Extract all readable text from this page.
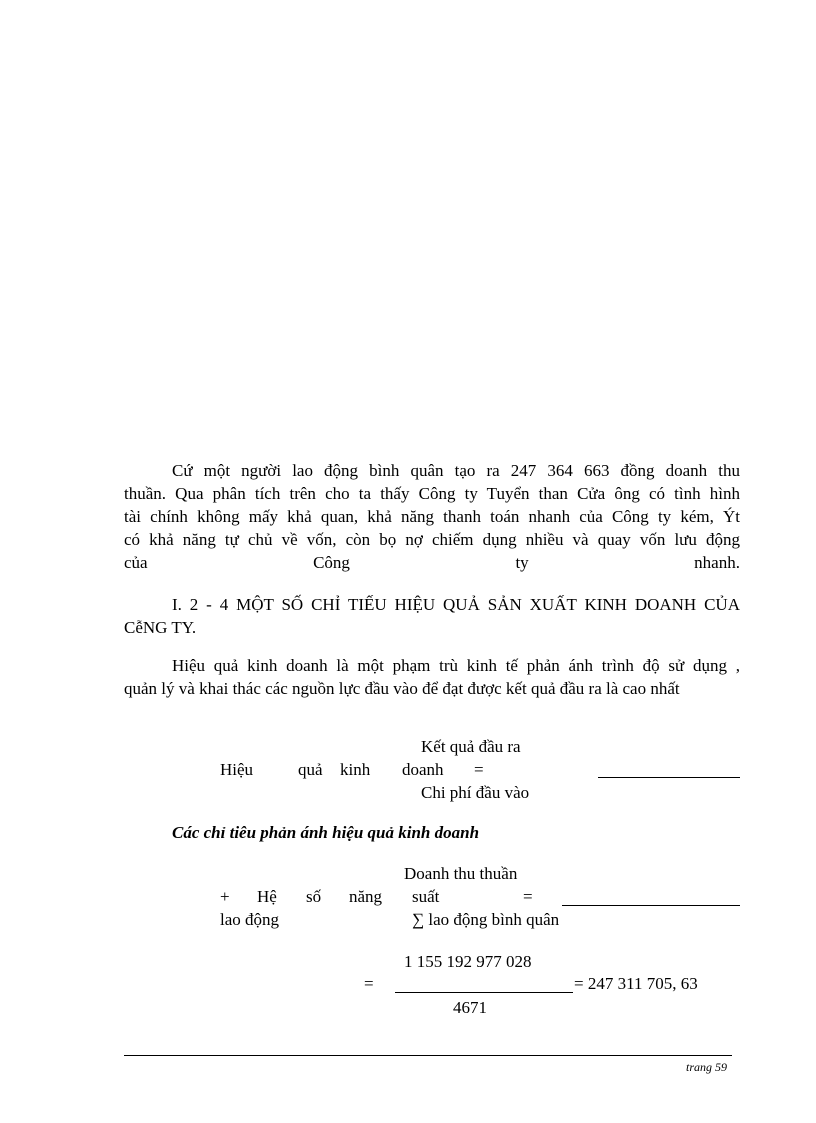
Cứ một người lao động bình quân tạo ra 247 364 663 đồng doanh thu
thuần. Qua phân tích trên cho ta thấy Công ty Tuyển than Cửa ông có tình hình
tài chính không mấy khả quan, khả năng thanh toán nhanh của Công ty kém, Ýt
có khả năng tự chủ về vốn, còn bọ nợ chiếm dụng nhiều và quay vốn lưu động
của	Công	ty	nhanh.
I. 2 - 4 MỘT SỐ CHỈ TIẾU HIỆU QUẢ SẢN XUẤT KINH DOANH CỦA
CễNG TY.
Hiệu quả kinh doanh là một phạm trù kinh tế phản ánh trình độ sử dụng ,
quản lý và khai thác các nguồn lực đầu vào để đạt được kết quả đầu ra là cao nhất
Kết quả đầu ra
Hiệu	quả kinh doanh =
Chi phí đầu vào
Các chỉ tiêu phản ánh hiệu quả kinh doanh
Doanh thu thuần
+ Hệ số năng suất	=
lao động	∑ lao động bình quân
1 155 192 977 028
=	= 247 311 705, 63
4671
trang 59
